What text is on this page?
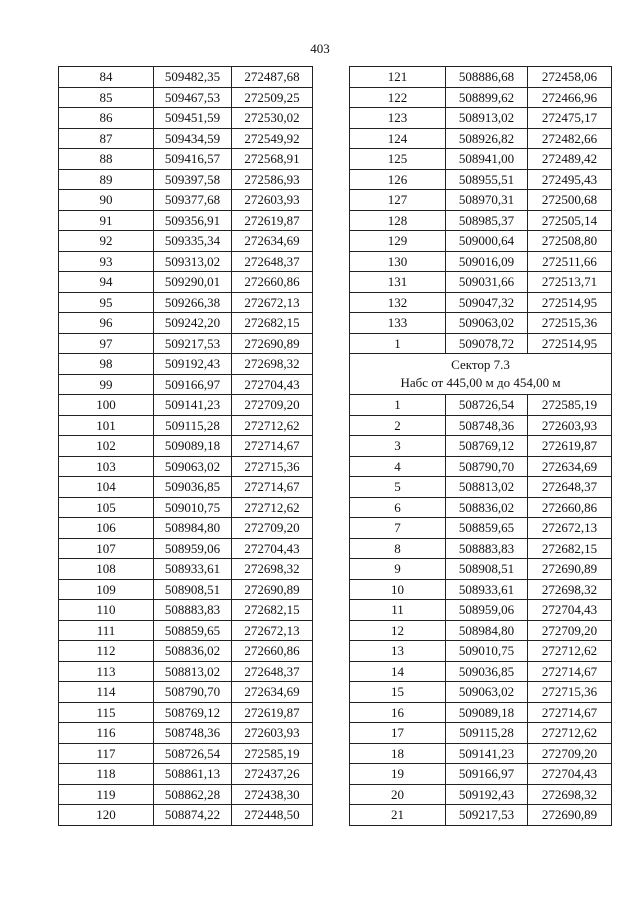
403
84	509482,35	272487,68
85	509467,53	272509,25
86	509451,59	272530,02
87	509434,59	272549,92
88	509416,57	272568,91
89	509397,58	272586,93
90	509377,68	272603,93
91	509356,91	272619,87
92	509335,34	272634,69
93	509313,02	272648,37
94	509290,01	272660,86
95	509266,38	272672,13
96	509242,20	272682,15
97	509217,53	272690,89
98	509192,43	272698,32
99	509166,97	272704,43
100	509141,23	272709,20
101	509115,28	272712,62
102	509089,18	272714,67
103	509063,02	272715,36
104	509036,85	272714,67
105	509010,75	272712,62
106	508984,80	272709,20
107	508959,06	272704,43
108	508933,61	272698,32
109	508908,51	272690,89
110	508883,83	272682,15
111	508859,65	272672,13
112	508836,02	272660,86
113	508813,02	272648,37
114	508790,70	272634,69
115	508769,12	272619,87
116	508748,36	272603,93
117	508726,54	272585,19
118	508861,13	272437,26
119	508862,28	272438,30
120	508874,22	272448,50
121	508886,68	272458,06
122	508899,62	272466,96
123	508913,02	272475,17
124	508926,82	272482,66
125	508941,00	272489,42
126	508955,51	272495,43
127	508970,31	272500,68
128	508985,37	272505,14
129	509000,64	272508,80
130	509016,09	272511,66
131	509031,66	272513,71
132	509047,32	272514,95
133	509063,02	272515,36
1	509078,72	272514,95

Сектор 7.3
Набс от 445,00 м до 454,00 м		

1	508726,54	272585,19
2	508748,36	272603,93
3	508769,12	272619,87
4	508790,70	272634,69
5	508813,02	272648,37
6	508836,02	272660,86
7	508859,65	272672,13
8	508883,83	272682,15
9	508908,51	272690,89
10	508933,61	272698,32
11	508959,06	272704,43
12	508984,80	272709,20
13	509010,75	272712,62
14	509036,85	272714,67
15	509063,02	272715,36
16	509089,18	272714,67
17	509115,28	272712,62
18	509141,23	272709,20
19	509166,97	272704,43
20	509192,43	272698,32
21	509217,53	272690,89
